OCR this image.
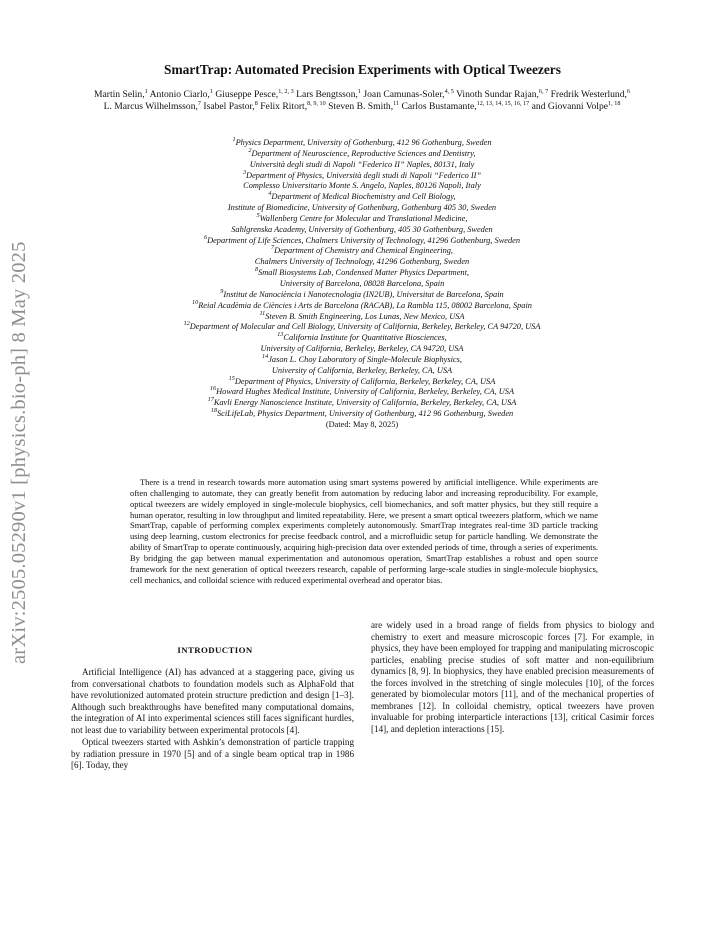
arXiv:2505.05290v1 [physics.bio-ph] 8 May 2025
SmartTrap: Automated Precision Experiments with Optical Tweezers
Martin Selin,$^1$ Antonio Ciarlo,$^1$ Giuseppe Pesce,$^{1, 2, 3}$ Lars Bengtsson,$^1$ Joan Camunas-Soler,$^{4, 5}$ Vinoth Sundar Rajan,$^{6, 7}$ Fredrik Westerlund,$^6$ L. Marcus Wilhelmsson,$^7$ Isabel Pastor,$^8$ Felix Ritort,$^{8, 9, 10}$ Steven B. Smith,$^{11}$ Carlos Bustamante,$^{12, 13, 14, 15, 16, 17}$ and Giovanni Volpe$^{1, 18}$
$^1$Physics Department, University of Gothenburg, 412 96 Gothenburg, Sweden
$^2$Department of Neuroscience, Reproductive Sciences and Dentistry,
Università degli studi di Napoli “Federico II” Naples, 80131, Italy
$^3$Department of Physics, Università degli studi di Napoli “Federico II”
Complesso Universitario Monte S. Angelo, Naples, 80126 Napoli, Italy
$^4$Department of Medical Biochemistry and Cell Biology,
Institute of Biomedicine, University of Gothenburg, Gothenburg 405 30, Sweden
$^5$Wallenberg Centre for Molecular and Translational Medicine,
Sahlgrenska Academy, University of Gothenburg, 405 30 Gothenburg, Sweden
$^6$Department of Life Sciences, Chalmers University of Technology, 41296 Gothenburg, Sweden
$^7$Department of Chemistry and Chemical Engineering,
Chalmers University of Technology, 41296 Gothenburg, Sweden
$^8$Small Biosystems Lab, Condensed Matter Physics Department,
University of Barcelona, 08028 Barcelona, Spain
$^9$Institut de Nanociència i Nanotecnologia (IN2UB), Universitat de Barcelona, Spain
$^{10}$Reial Acadèmia de Ciències i Arts de Barcelona (RACAB), La Rambla 115, 08002 Barcelona, Spain
$^{11}$Steven B. Smith Engineering, Los Lunas, New Mexico, USA
$^{12}$Department of Molecular and Cell Biology, University of California, Berkeley, Berkeley, CA 94720, USA
$^{13}$California Institute for Quantitative Biosciences,
University of California, Berkeley, Berkeley, CA 94720, USA
$^{14}$Jason L. Choy Laboratory of Single-Molecule Biophysics,
University of California, Berkeley, Berkeley, CA, USA
$^{15}$Department of Physics, University of California, Berkeley, Berkeley, CA, USA
$^{16}$Howard Hughes Medical Institute, University of California, Berkeley, Berkeley, CA, USA
$^{17}$Kavli Energy Nanoscience Institute, University of California, Berkeley, Berkeley, CA, USA
$^{18}$SciLifeLab, Physics Department, University of Gothenburg, 412 96 Gothenburg, Sweden
(Dated: May 8, 2025)

There is a trend in research towards more automation using smart systems powered by artificial intelligence. While experiments are often challenging to automate, they can greatly benefit from automation by reducing labor and increasing reproducibility. For example, optical tweezers are widely employed in single-molecule biophysics, cell biomechanics, and soft matter physics, but they still require a human operator, resulting in low throughput and limited repeatability. Here, we present a smart optical tweezers platform, which we name SmartTrap, capable of performing complex experiments completely autonomously. SmartTrap integrates real-time 3D particle tracking using deep learning, custom electronics for precise feedback control, and a microfluidic setup for particle handling. We demonstrate the ability of SmartTrap to operate continuously, acquiring high-precision data over extended periods of time, through a series of experiments. By bridging the gap between manual experimentation and autonomous operation, SmartTrap establishes a robust and open source framework for the next generation of optical tweezers research, capable of performing large-scale studies in single-molecule biophysics, cell mechanics, and colloidal science with reduced experimental overhead and operator bias.

INTRODUCTION

Artificial Intelligence (AI) has advanced at a staggering pace, giving us from conversational chatbots to foundation models such as AlphaFold that have revolutionized automated protein structure prediction and design [1–3]. Although such breakthroughs have benefited many computational domains, the integration of AI into experimental sciences still faces significant hurdles, not least due to variability between experimental protocols [4].

Optical tweezers started with Ashkin’s demonstration of particle trapping by radiation pressure in 1970 [5] and of a single beam optical trap in 1986 [6]. Today, they

are widely used in a broad range of fields from physics to biology and chemistry to exert and measure microscopic forces [7]. For example, in physics, they have been employed for trapping and manipulating microscopic particles, enabling precise studies of soft matter and non-equilibrium dynamics [8, 9]. In biophysics, they have enabled precision measurements of the forces involved in the stretching of single molecules [10], of the forces generated by biomolecular motors [11], and of the mechanical properties of membranes [12]. In colloidal chemistry, optical tweezers have proven invaluable for probing interparticle interactions [13], critical Casimir forces [14], and depletion interactions [15].
